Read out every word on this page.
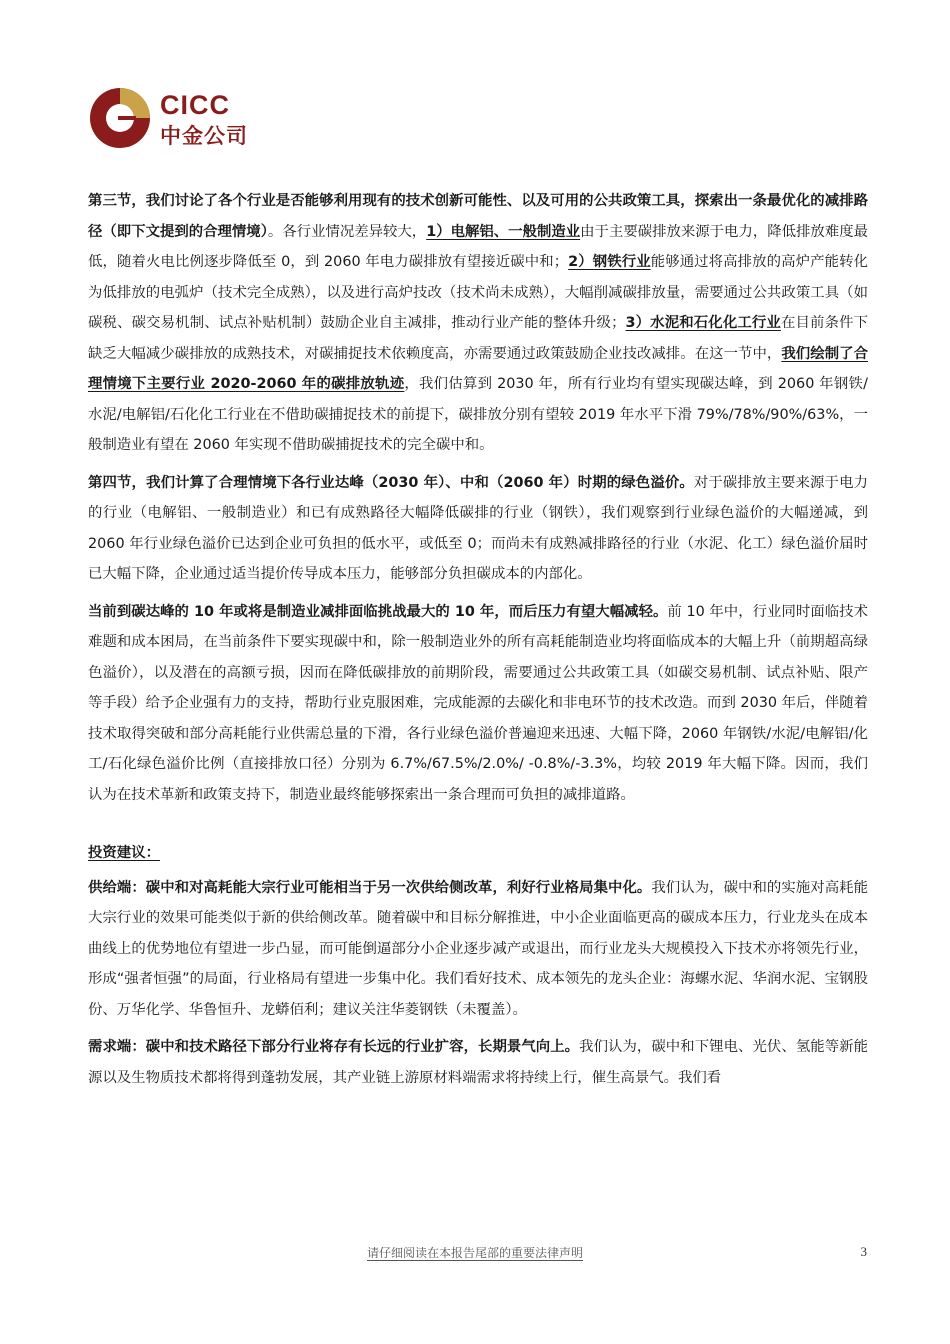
CICC
中金公司

第三节，我们讨论了各个行业是否能够利用现有的技术创新可能性、以及可用的公共政策工具，探索出一条最优化的减排路径（即下文提到的合理情境）。各行业情况差异较大，1）电解铝、一般制造业由于主要碳排放来源于电力，降低排放难度最低，随着火电比例逐步降低至 0，到 2060 年电力碳排放有望接近碳中和；2）钢铁行业能够通过将高排放的高炉产能转化为低排放的电弧炉（技术完全成熟），以及进行高炉技改（技术尚未成熟），大幅削减碳排放量，需要通过公共政策工具（如碳税、碳交易机制、试点补贴机制）鼓励企业自主减排，推动行业产能的整体升级；3）水泥和石化化工行业在目前条件下缺乏大幅减少碳排放的成熟技术，对碳捕捉技术依赖度高，亦需要通过政策鼓励企业技改减排。在这一节中，我们绘制了合理情境下主要行业 2020-2060 年的碳排放轨迹，我们估算到 2030 年，所有行业均有望实现碳达峰，到 2060 年钢铁/水泥/电解铝/石化化工行业在不借助碳捕捉技术的前提下，碳排放分别有望较 2019 年水平下滑 79%/78%/90%/63%，一般制造业有望在 2060 年实现不借助碳捕捉技术的完全碳中和。

第四节，我们计算了合理情境下各行业达峰（2030 年）、中和（2060 年）时期的绿色溢价。对于碳排放主要来源于电力的行业（电解铝、一般制造业）和已有成熟路径大幅降低碳排的行业（钢铁），我们观察到行业绿色溢价的大幅递减，到 2060 年行业绿色溢价已达到企业可负担的低水平，或低至 0；而尚未有成熟减排路径的行业（水泥、化工）绿色溢价届时已大幅下降，企业通过适当提价传导成本压力，能够部分负担碳成本的内部化。

当前到碳达峰的 10 年或将是制造业减排面临挑战最大的 10 年，而后压力有望大幅减轻。前 10 年中，行业同时面临技术难题和成本困局，在当前条件下要实现碳中和，除一般制造业外的所有高耗能制造业均将面临成本的大幅上升（前期超高绿色溢价），以及潜在的高额亏损，因而在降低碳排放的前期阶段，需要通过公共政策工具（如碳交易机制、试点补贴、限产等手段）给予企业强有力的支持，帮助行业克服困难，完成能源的去碳化和非电环节的技术改造。而到 2030 年后，伴随着技术取得突破和部分高耗能行业供需总量的下滑，各行业绿色溢价普遍迎来迅速、大幅下降，2060 年钢铁/水泥/电解铝/化工/石化绿色溢价比例（直接排放口径）分别为 6.7%/67.5%/2.0%/ -0.8%/-3.3%，均较 2019 年大幅下降。因而，我们认为在技术革新和政策支持下，制造业最终能够探索出一条合理而可负担的减排道路。

投资建议：

供给端：碳中和对高耗能大宗行业可能相当于另一次供给侧改革，利好行业格局集中化。我们认为，碳中和的实施对高耗能大宗行业的效果可能类似于新的供给侧改革。随着碳中和目标分解推进，中小企业面临更高的碳成本压力，行业龙头在成本曲线上的优势地位有望进一步凸显，而可能倒逼部分小企业逐步减产或退出，而行业龙头大规模投入下技术亦将领先行业，形成“强者恒强”的局面，行业格局有望进一步集中化。我们看好技术、成本领先的龙头企业：海螺水泥、华润水泥、宝钢股份、万华化学、华鲁恒升、龙蟒佰利；建议关注华菱钢铁（未覆盖）。

需求端：碳中和技术路径下部分行业将存有长远的行业扩容，长期景气向上。我们认为，碳中和下锂电、光伏、氢能等新能源以及生物质技术都将得到蓬勃发展，其产业链上游原材料端需求将持续上行，催生高景气。我们看

请仔细阅读在本报告尾部的重要法律声明	3
